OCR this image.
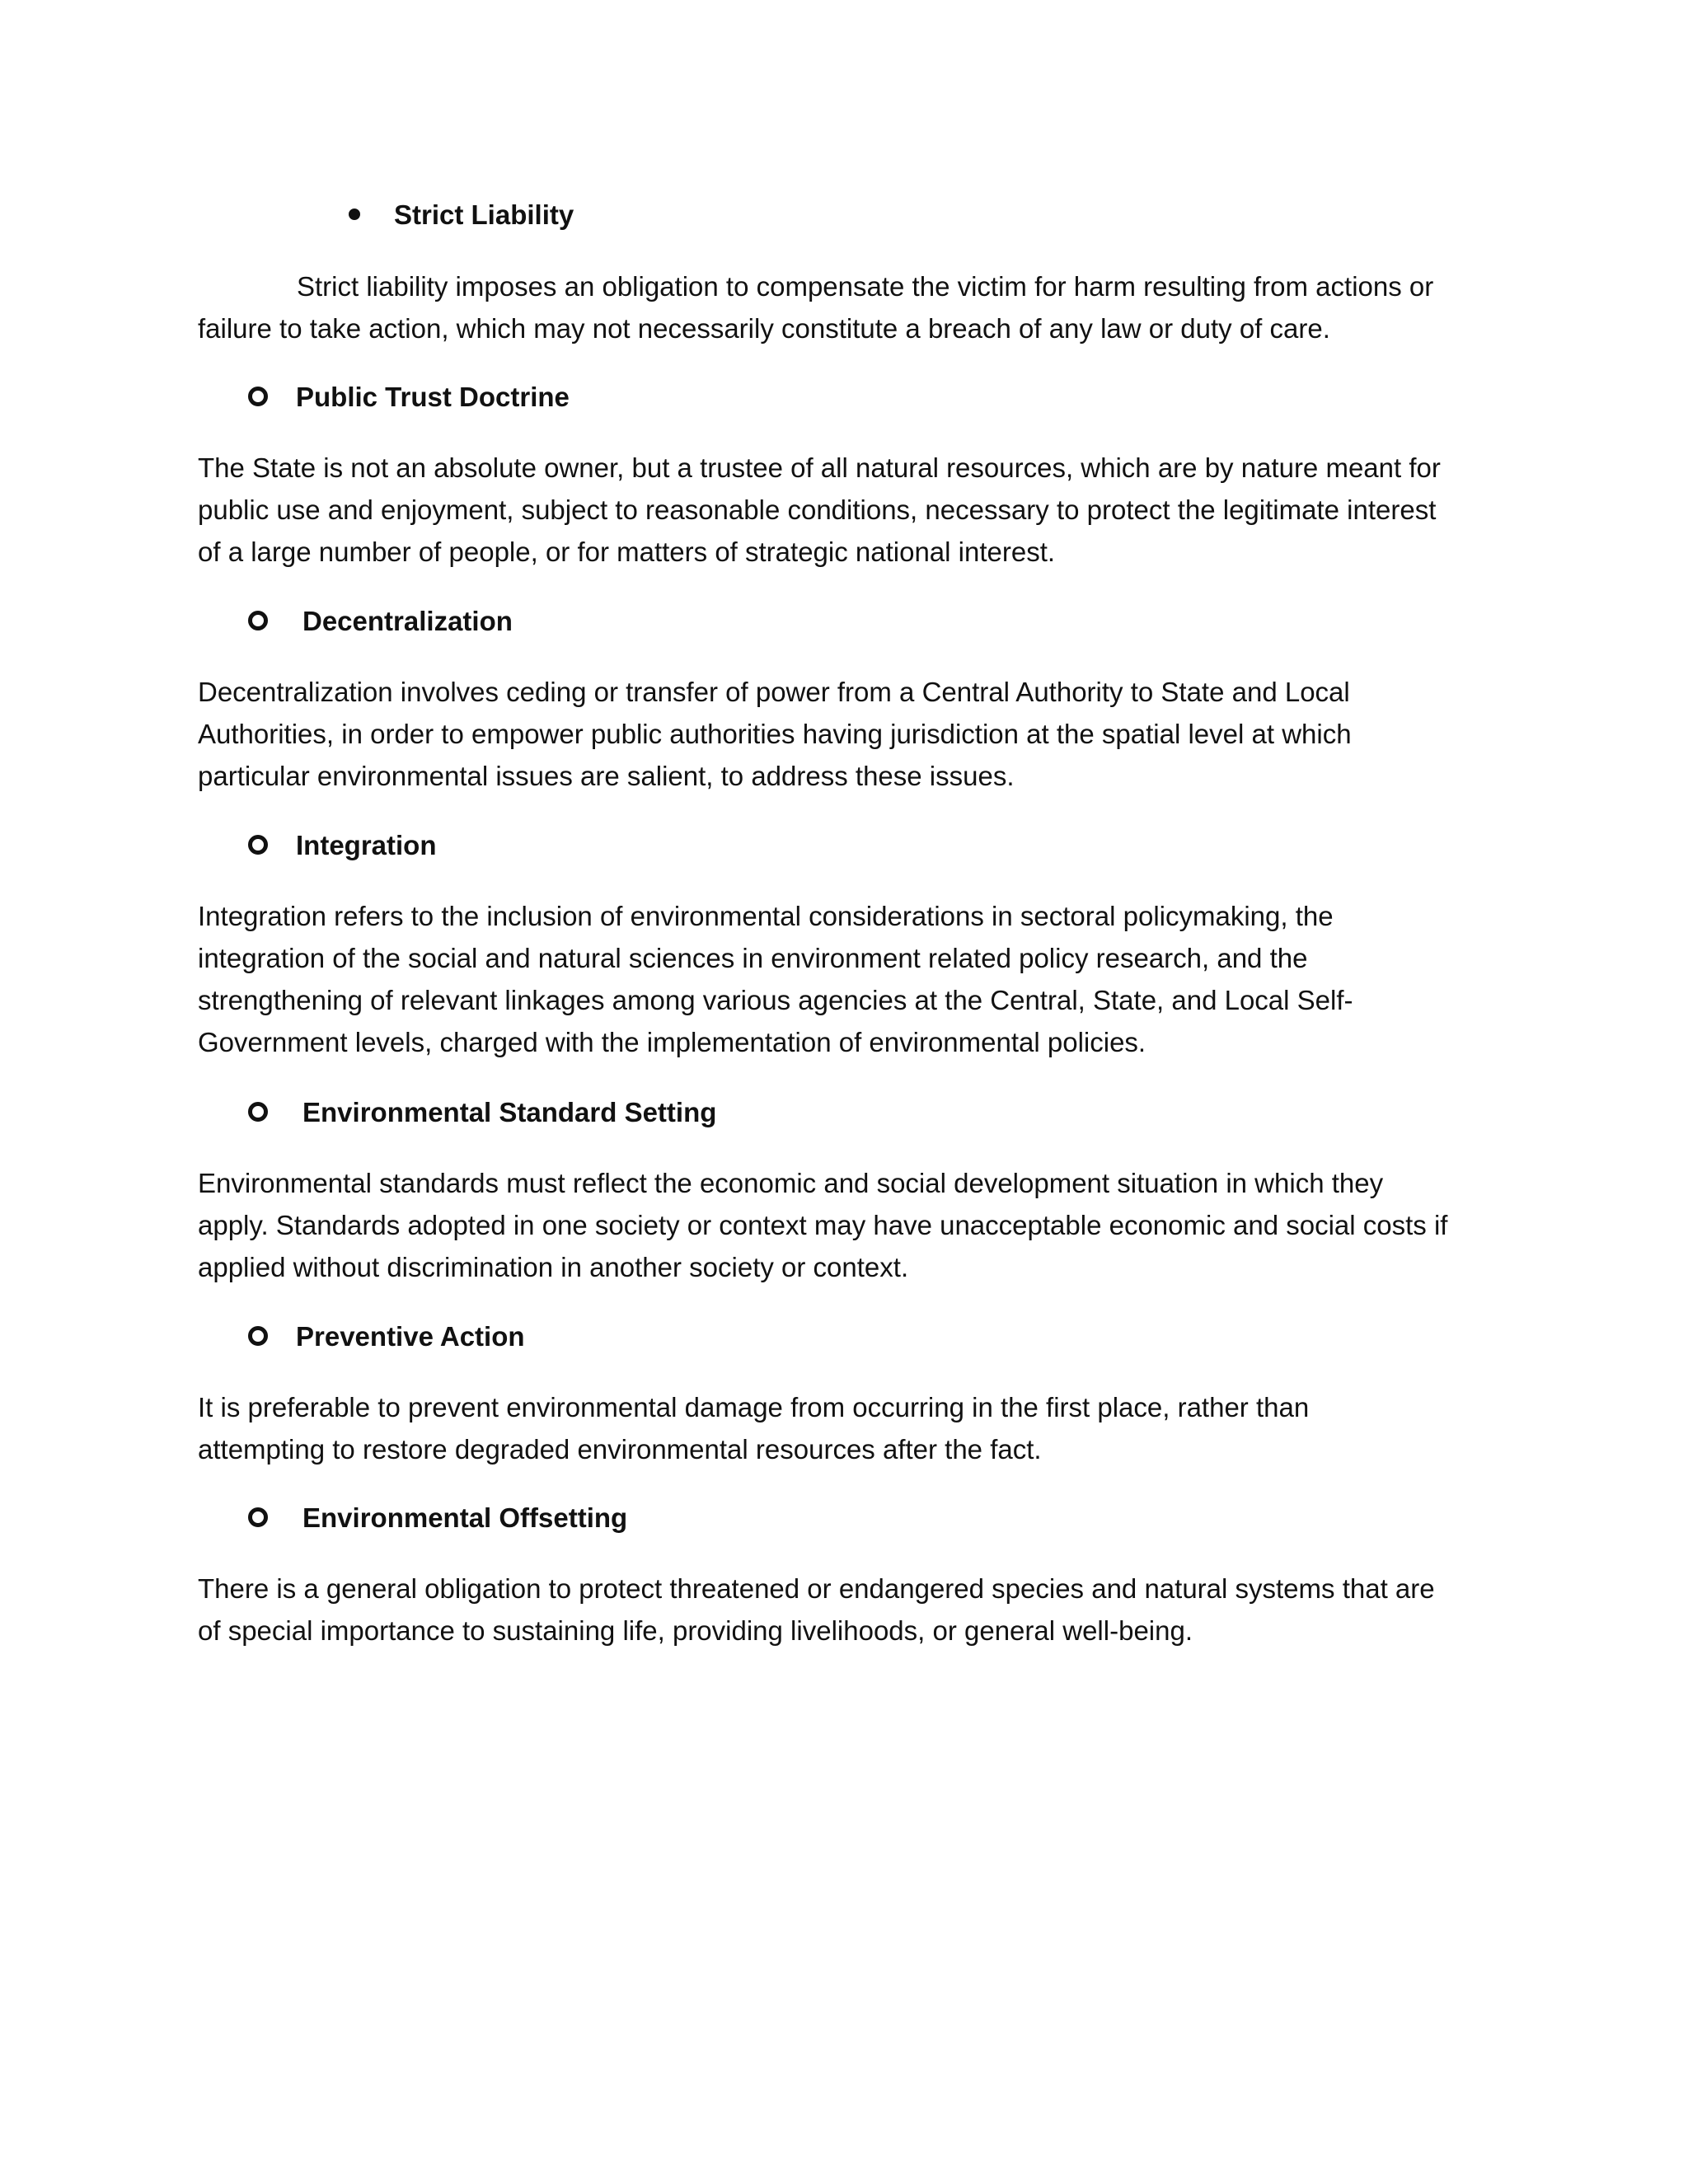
Strict Liability

Strict liability imposes an obligation to compensate the victim for harm resulting from actions or
failure to take action, which may not necessarily constitute a breach of any law or duty of care.

Public Trust Doctrine

The State is not an absolute owner, but a trustee of all natural resources, which are by nature meant for
public use and enjoyment, subject to reasonable conditions, necessary to protect the legitimate interest
of a large number of people, or for matters of strategic national interest.

Decentralization

Decentralization involves ceding or transfer of power from a Central Authority to State and Local
Authorities, in order to empower public authorities having jurisdiction at the spatial level at which
particular environmental issues are salient, to address these issues.

Integration

Integration refers to the inclusion of environmental considerations in sectoral policymaking, the
integration of the social and natural sciences in environment related policy research, and the
strengthening of relevant linkages among various agencies at the Central, State, and Local Self-
Government levels, charged with the implementation of environmental policies.

Environmental Standard Setting

Environmental standards must reflect the economic and social development situation in which they
apply. Standards adopted in one society or context may have unacceptable economic and social costs if
applied without discrimination in another society or context.

Preventive Action

It is preferable to prevent environmental damage from occurring in the first place, rather than
attempting to restore degraded environmental resources after the fact.

Environmental Offsetting

There is a general obligation to protect threatened or endangered species and natural systems that are
of special importance to sustaining life, providing livelihoods, or general well-being.
